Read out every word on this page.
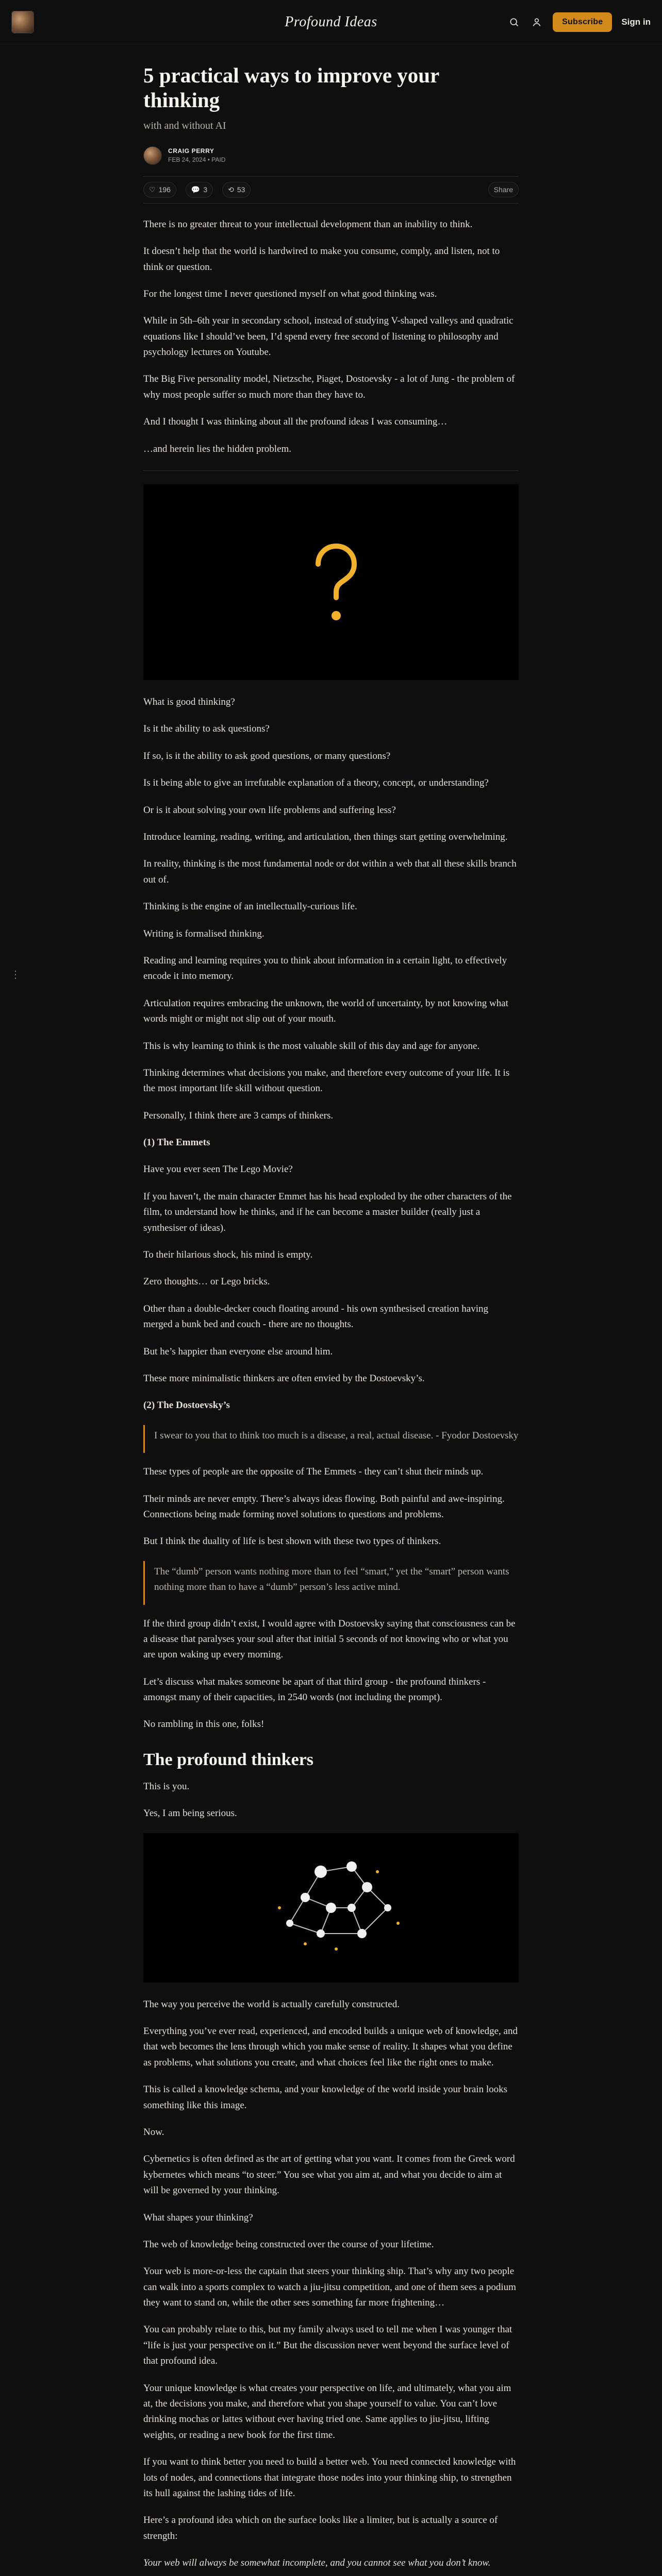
Profound Ideas	Subscribe	Sign in
⋮
5 practical ways to improve your thinking
with and without AI
CRAIG PERRY
FEB 24, 2024 • PAID
♡ 196	💬 3	⟲ 53	Share

There is no greater threat to your intellectual development than an inability to think.

It doesn’t help that the world is hardwired to make you consume, comply, and listen, not to think or question.

For the longest time I never questioned myself on what good thinking was.

While in 5th–6th year in secondary school, instead of studying V-shaped valleys and quadratic equations like I should’ve been, I’d spend every free second of listening to philosophy and psychology lectures on Youtube.

The Big Five personality model, Nietzsche, Piaget, Dostoevsky - a lot of Jung - the problem of why most people suffer so much more than they have to.

And I thought I was thinking about all the profound ideas I was consuming…

…and herein lies the hidden problem.

What is good thinking?

Is it the ability to ask questions?

If so, is it the ability to ask good questions, or many questions?

Is it being able to give an irrefutable explanation of a theory, concept, or understanding?

Or is it about solving your own life problems and suffering less?

Introduce learning, reading, writing, and articulation, then things start getting overwhelming.

In reality, thinking is the most fundamental node or dot within a web that all these skills branch out of.

Thinking is the engine of an intellectually-curious life.

Writing is formalised thinking.

Reading and learning requires you to think about information in a certain light, to effectively encode it into memory.

Articulation requires embracing the unknown, the world of uncertainty, by not knowing what words might or might not slip out of your mouth.

This is why learning to think is the most valuable skill of this day and age for anyone.

Thinking determines what decisions you make, and therefore every outcome of your life. It is the most important life skill without question.

Personally, I think there are 3 camps of thinkers.

(1) The Emmets

Have you ever seen The Lego Movie?

If you haven’t, the main character Emmet has his head exploded by the other characters of the film, to understand how he thinks, and if he can become a master builder (really just a synthesiser of ideas).

To their hilarious shock, his mind is empty.

Zero thoughts… or Lego bricks.

Other than a double-decker couch floating around - his own synthesised creation having merged a bunk bed and couch - there are no thoughts.

But he’s happier than everyone else around him.

These more minimalistic thinkers are often envied by the Dostoevsky’s.

(2) The Dostoevsky’s

I swear to you that to think too much is a disease, a real, actual disease. - Fyodor Dostoevsky

These types of people are the opposite of The Emmets - they can’t shut their minds up.

Their minds are never empty. There’s always ideas flowing. Both painful and awe-inspiring. Connections being made forming novel solutions to questions and problems.

But I think the duality of life is best shown with these two types of thinkers.

The “dumb” person wants nothing more than to feel “smart,” yet the “smart” person wants nothing more than to have a “dumb” person’s less active mind.

If the third group didn’t exist, I would agree with Dostoevsky saying that consciousness can be a disease that paralyses your soul after that initial 5 seconds of not knowing who or what you are upon waking up every morning.

Let’s discuss what makes someone be apart of that third group - the profound thinkers - amongst many of their capacities, in 2540 words (not including the prompt).

No rambling in this one, folks!

The profound thinkers

This is you.

Yes, I am being serious.

The way you perceive the world is actually carefully constructed.

Everything you’ve ever read, experienced, and encoded builds a unique web of knowledge, and that web becomes the lens through which you make sense of reality. It shapes what you define as problems, what solutions you create, and what choices feel like the right ones to make.

This is called a knowledge schema, and your knowledge of the world inside your brain looks something like this image.

Now.

Cybernetics is often defined as the art of getting what you want. It comes from the Greek word kybernetes which means “to steer.” You see what you aim at, and what you decide to aim at will be governed by your thinking.

What shapes your thinking?

The web of knowledge being constructed over the course of your lifetime.

Your web is more-or-less the captain that steers your thinking ship. That’s why any two people can walk into a sports complex to watch a jiu-jitsu competition, and one of them sees a podium they want to stand on, while the other sees something far more frightening…

You can probably relate to this, but my family always used to tell me when I was younger that “life is just your perspective on it.” But the discussion never went beyond the surface level of that profound idea.

Your unique knowledge is what creates your perspective on life, and ultimately, what you aim at, the decisions you make, and therefore what you shape yourself to value. You can’t love drinking mochas or lattes without ever having tried one. Same applies to jiu-jitsu, lifting weights, or reading a new book for the first time.

If you want to think better you need to build a better web. You need connected knowledge with lots of nodes, and connections that integrate those nodes into your thinking ship, to strengthen its hull against the lashing tides of life.

Here’s a profound idea which on the surface looks like a limiter, but is actually a source of strength:

Your web will always be somewhat incomplete, and you cannot see what you don’t know.
